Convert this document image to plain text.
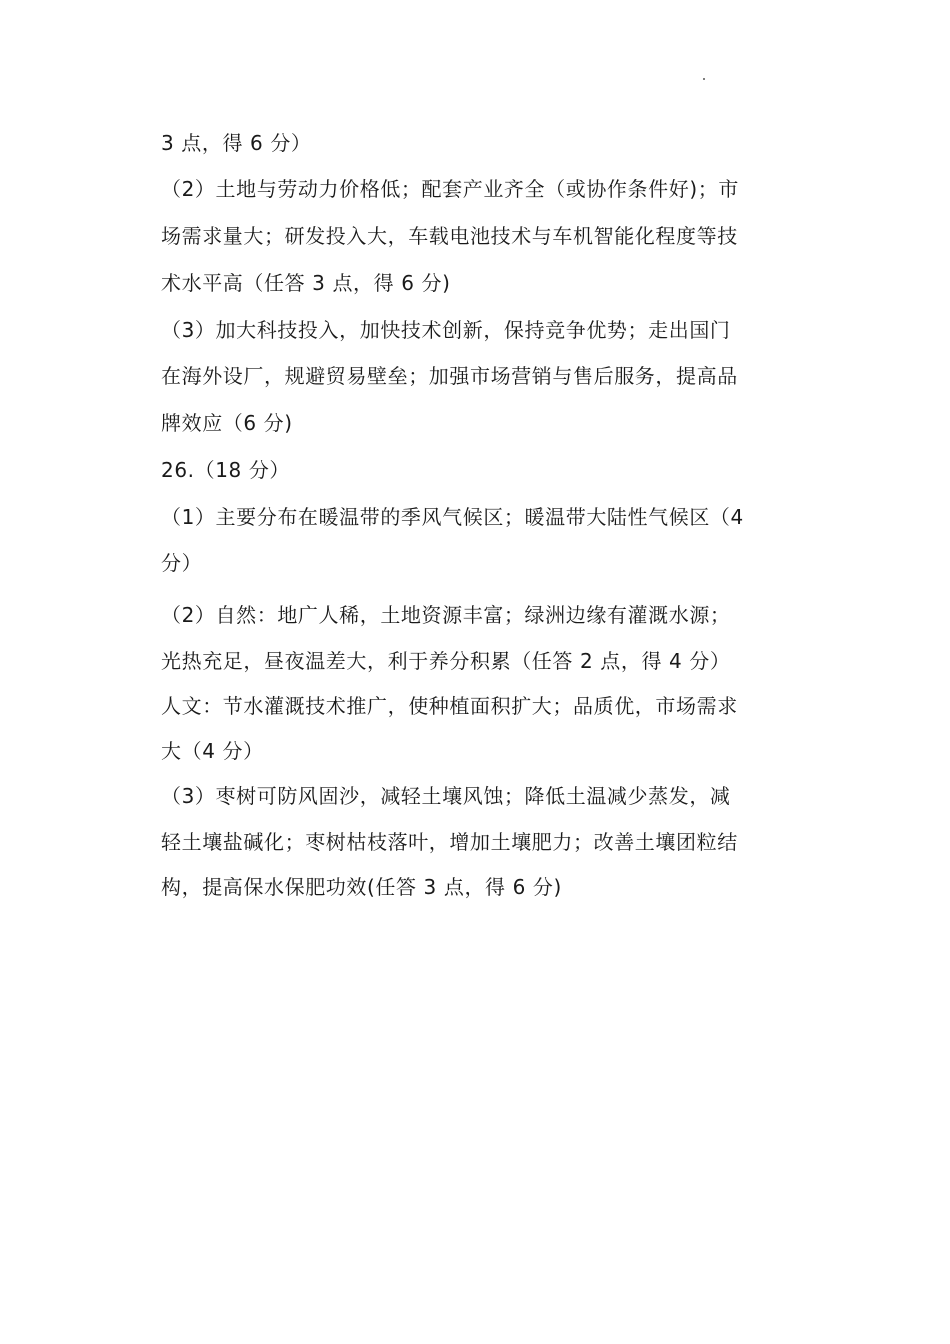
3 点，得 6 分）
（2）土地与劳动力价格低；配套产业齐全（或协作条件好)；市
场需求量大；研发投入大，车载电池技术与车机智能化程度等技
术水平高（任答 3 点，得 6 分)
（3）加大科技投入，加快技术创新，保持竞争优势；走出国门
在海外设厂，规避贸易壁垒；加强市场营销与售后服务，提高品
牌效应（6 分)
26.（18 分）
（1）主要分布在暖温带的季风气候区；暖温带大陆性气候区（4
分）
（2）自然：地广人稀，土地资源丰富；绿洲边缘有灌溉水源；
光热充足，昼夜温差大，利于养分积累（任答 2 点，得 4 分）
人文：节水灌溉技术推广，使种植面积扩大；品质优，市场需求
大（4 分）
（3）枣树可防风固沙，减轻土壤风蚀；降低土温减少蒸发，减
轻土壤盐碱化；枣树枯枝落叶，增加土壤肥力；改善土壤团粒结
构，提高保水保肥功效(任答 3 点，得 6 分)
